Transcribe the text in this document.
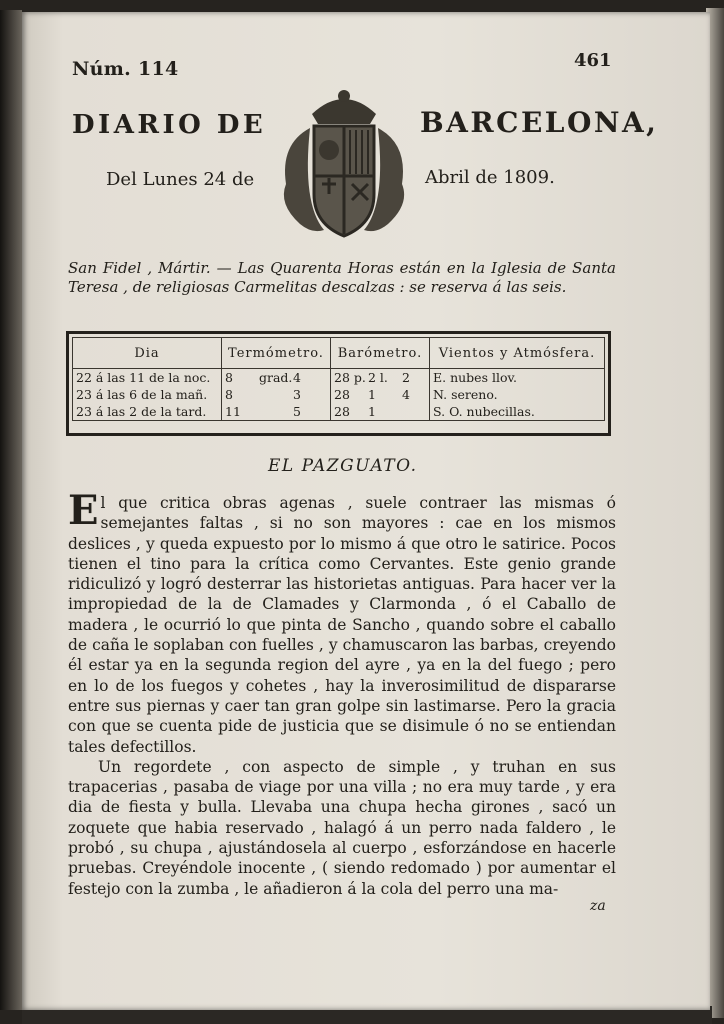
Núm. 114	461
DIARIO DE	BARCELONA,
Del Lunes 24 de	Abril de 1809.
San Fidel , Mártir. — Las Quarenta Horas están en la Iglesia de Santa Teresa , de religiosas Carmelitas descalzas : se reserva á las seis.
Dia	Termómetro.	Barómetro.	Vientos y Atmósfera.
22 á las 11 de la noc.	8 grad.4	28 p. 2 l. 2	E. nubes llov.
23 á las 6 de la mañ.	8 3	28 1 4	N. sereno.
23 á las 2 de la tard.	11 5	28 1	S. O. nubecillas.
EL PAZGUATO.

El que critica obras agenas , suele contraer las mismas ó semejantes faltas , si no son mayores : cae en los mismos deslices , y queda expuesto por lo mismo á que otro le satirice. Pocos tienen el tino para la crítica como Cervantes. Este genio grande ridiculizó y logró desterrar las historietas antiguas. Para hacer ver la impropiedad de la de Clamades y Clarmonda , ó el Caballo de madera , le ocurrió lo que pinta de Sancho , quando sobre el caballo de caña le soplaban con fuelles , y chamuscaron las barbas, creyendo él estar ya en la segunda region del ayre , ya en la del fuego ; pero en lo de los fuegos y cohetes , hay la inverosimilitud de dispararse entre sus piernas y caer tan gran golpe sin lastimarse. Pero la gracia con que se cuenta pide de justicia que se disimule ó no se entiendan tales defectillos.

Un regordete , con aspecto de simple , y truhan en sus trapacerias , pasaba de viage por una villa ; no era muy tarde , y era dia de fiesta y bulla. Llevaba una chupa hecha girones , sacó un zoquete que habia reservado , halagó á un perro nada faldero , le probó , su chupa , ajustándosela al cuerpo , esforzándose en hacerle pruebas. Creyéndole inocente , ( siendo redomado ) por aumentar el festejo con la zumba , le añadieron á la cola del perro una ma-

za
